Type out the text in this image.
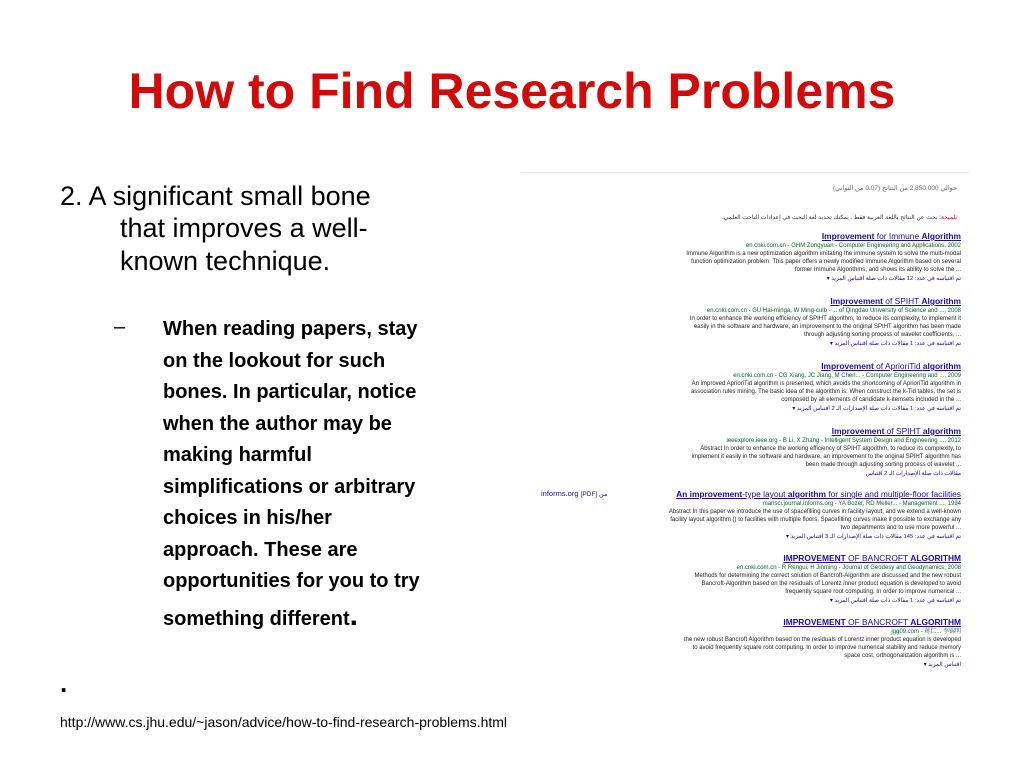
How to Find Research Problems
2. A significant small bone
that improves a well-
known technique.
– When reading papers, stay
on the lookout for such
bones. In particular, notice
when the author may be
making harmful
simplifications or arbitrary
choices in his/her
approach. These are
opportunities for you to try
something different.
.
http://www.cs.jhu.edu/~jason/advice/how-to-find-research-problems.html
حوالي 2,850,000 من النتائج (0.07 من الثواني)
تلميحة: بحث عن النتائج باللغة العربية فقط . يمكنك تحديد لغة البحث في إعدادات الباحث العلمي.
informs.org [PDF] من
Improvement for Immune Algorithm
en.cnki.com.cn - GHM Zongyuan - Computer Engineering and Applications, 2002
Immune Algorithm is a new optimization algorithm imitating the immune system to solve the multi-modal function optimization problem. This paper offers a newly modified Immune Algorithm based on several former Immune Algorithms, and shows its ability to solve the ...
تم اقتباسه في عدد: 12 مقالات ذات صلة اقتباس المزيد ▾
Improvement of SPIHT Algorithm
en.cnki.com.cn - GU Hai-minga, W Ming-culb - ... of Qingdao University of Science and ..., 2008
In order to enhance the working efficiency of SPIHT algorithm, to reduce its complexity, to implement it easily in the software and hardware, an improvement to the original SPIHT algorithm has been made through adjusting sorting process of wavelet coefficients, ...
تم اقتباسه في عدد: 1 مقالات ذات صلة اقتباس المزيد ▾
Improvement of AprioriTid algorithm
en.cnki.com.cn - CG Xiang, JC Jiang, M Chen... - Computer Engineering and ..., 2009
An improved AprioriTid algorithm is presented, which avoids the shortcoming of AprioriTid algorithm in association rules mining. The basic idea of the algorithm is: When construct the k-Tid tables, the set is composed by all elements of candidate k-itemsets included in the ...
تم اقتباسه في عدد: 1 مقالات ذات صلة الإصدارات الـ 2 اقتباس المزيد ▾
Improvement of SPIHT algorithm
ieeexplore.ieee.org - B Li, X Zhang - Intelligent System Design and Engineering ..., 2012
Abstract In order to enhance the working efficiency of SPIHT algorithm, to reduce its complexity, to implement it easily in the software and hardware, an improvement to the original SPIHT algorithm has been made through adjusting sorting process of wavelet ...
مقالات ذات صلة الإصدارات الـ 2 اقتباس
An improvement-type layout algorithm for single and multiple-floor facilities
mansci.journal.informs.org - YA Bozer, RD Meller... - Management ..., 1994
Abstract In this paper we introduce the use of spacefilling curves in facility layout, and we extend a well-known facility layout algorithm () to facilities with multiple floors. Spacefilling curves make it possible to exchange any two departments and to use more powerful ...
تم اقتباسه في عدد: 145 مقالات ذات صلة الإصدارات الـ 3 اقتباس المزيد ▾
IMPROVEMENT OF BANCROFT ALGORITHM
en.cnki.com.cn - R Rengui, H Jinming - Journal of Geodesy and Geodynamics, 2008
Methods for determining the correct solution of Bancroft-Algorithm are discussed and the new robust Bancroft-Algorithm based on the residuals of Lorentz inner product equation is developed to avoid frequently square root computing. In order to improve numerical ...
تم اقتباسه في عدد: 1 مقالات ذات صلة اقتباس المزيد ▾
IMPROVEMENT OF BANCROFT ALGORITHM
jgg09.com - 蒋仁... 李锦明
the new robust Bancroft Algorithm based on the residuals of Lorentz inner product equation is developed to avoid frequently square root computing. In order to improve numerical stability and reduce memory space cost, orthogonalization algorithm is ...
اقتباس المزيد ▾
